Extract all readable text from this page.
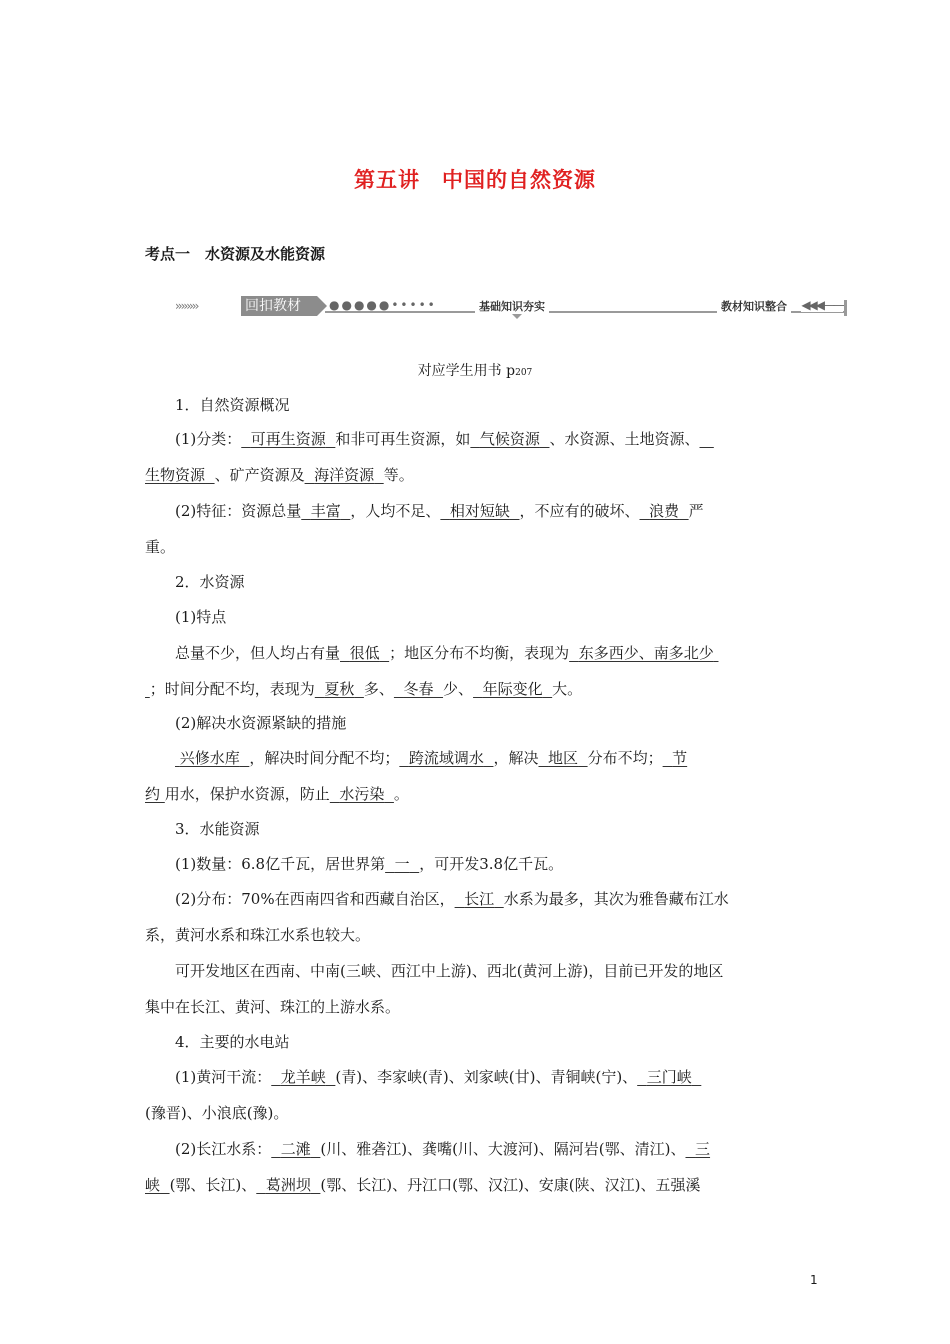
第五讲　中国的自然资源
考点一　水资源及水能资源
››››››››	回扣教材	●●●●●•••••	基础知识夯实	教材知识整合	◀◀◀——
对应学生用书 p207
1．自然资源概况
(1)分类： 可再生资源 和非可再生资源，如 气候资源 、水资源、土地资源、
生物资源 、矿产资源及 海洋资源 等。
(2)特征：资源总量 丰富 ，人均不足、 相对短缺 ，不应有的破坏、 浪费 严
重。
2．水资源
(1)特点
总量不少，但人均占有量 很低 ；地区分布不均衡，表现为 东多西少、南多北少
；时间分配不均，表现为 夏秋 多、 冬春 少、 年际变化 大。
(2)解决水资源紧缺的措施
兴修水库 ，解决时间分配不均； 跨流域调水 ，解决 地区 分布不均； 节
约 用水，保护水资源，防止 水污染 。
3．水能资源
(1)数量：6.8亿千瓦，居世界第 一 ，可开发3.8亿千瓦。
(2)分布：70%在西南四省和西藏自治区， 长江 水系为最多，其次为雅鲁藏布江水
系，黄河水系和珠江水系也较大。
可开发地区在西南、中南(三峡、西江中上游)、西北(黄河上游)，目前已开发的地区
集中在长江、黄河、珠江的上游水系。
4．主要的水电站
(1)黄河干流： 龙羊峡 (青)、李家峡(青)、刘家峡(甘)、青铜峡(宁)、 三门峡
(豫晋)、小浪底(豫)。
(2)长江水系： 二滩 (川、雅砻江)、龚嘴(川、大渡河)、隔河岩(鄂、清江)、 三
峡 (鄂、长江)、 葛洲坝 (鄂、长江)、丹江口(鄂、汉江)、安康(陕、汉江)、五强溪
1
